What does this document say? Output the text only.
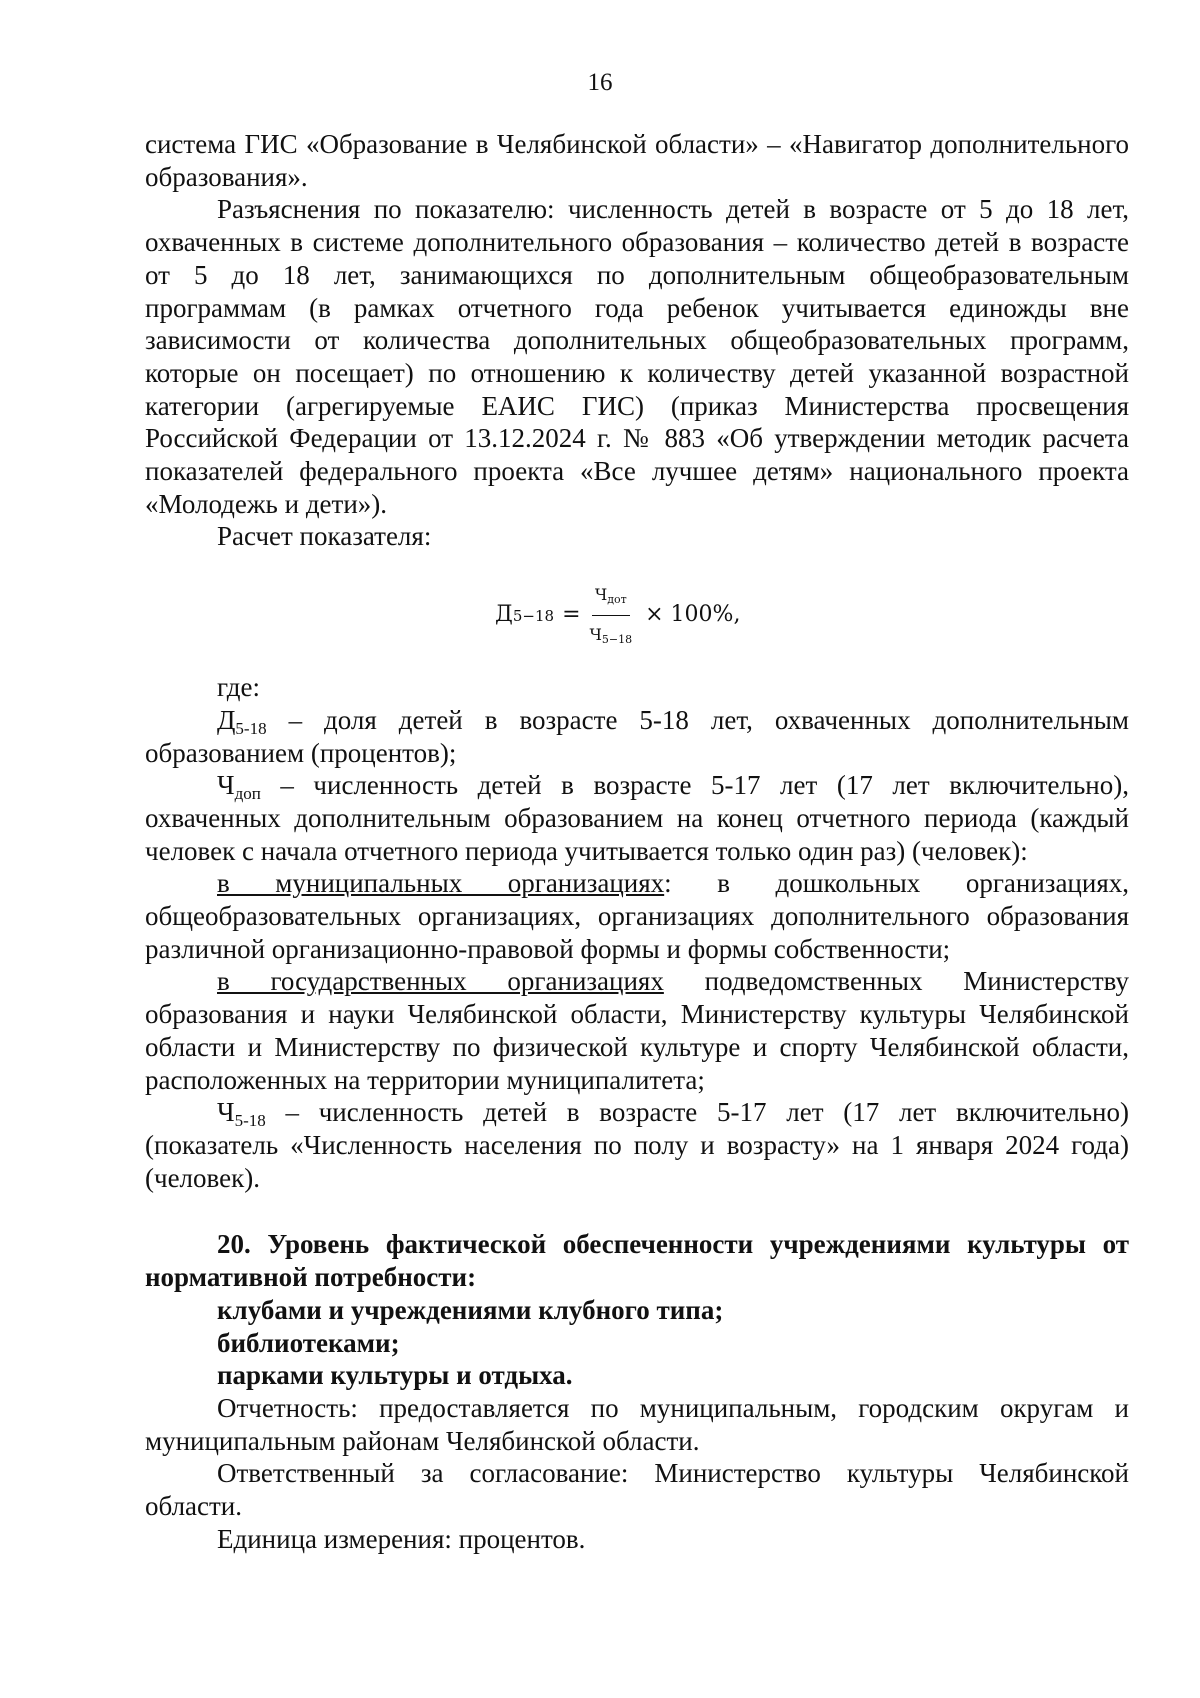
16

система ГИС «Образование в Челябинской области» – «Навигатор дополнительного образования».

Разъяснения по показателю: численность детей в возрасте от 5 до 18 лет, охваченных в системе дополнительного образования – количество детей в возрасте от 5 до 18 лет, занимающихся по дополнительным общеобразовательным программам (в рамках отчетного года ребенок учитывается единожды вне зависимости от количества дополнительных общеобразовательных программ, которые он посещает) по отношению к количеству детей указанной возрастной категории (агрегируемые ЕАИС ГИС) (приказ Министерства просвещения Российской Федерации от 13.12.2024 г. № 883 «Об утверждении методик расчета показателей федерального проекта «Все лучшее детям» национального проекта «Молодежь и дети»).

Расчет показателя:

Д $5-18 = \frac{Ч_{дот}}{Ч_{5-18}} \times 100\%$,

где:

$Д_{5-18}$ – доля детей в возрасте 5-18 лет, охваченных дополнительным образованием (процентов);

$Ч_{доп}$ – численность детей в возрасте 5-17 лет (17 лет включительно), охваченных дополнительным образованием на конец отчетного периода (каждый человек с начала отчетного периода учитывается только один раз) (человек):

в муниципальных организациях: в дошкольных организациях, общеобразовательных организациях, организациях дополнительного образования различной организационно-правовой формы и формы собственности;

в государственных организациях подведомственных Министерству образования и науки Челябинской области, Министерству культуры Челябинской области и Министерству по физической культуре и спорту Челябинской области, расположенных на территории муниципалитета;

$Ч_{5-18}$ – численность детей в возрасте 5-17 лет (17 лет включительно) (показатель «Численность населения по полу и возрасту» на 1 января 2024 года) (человек).

20. Уровень фактической обеспеченности учреждениями культуры от нормативной потребности:

клубами и учреждениями клубного типа;

библиотеками;

парками культуры и отдыха.

Отчетность: предоставляется по муниципальным, городским округам и муниципальным районам Челябинской области.

Ответственный за согласование: Министерство культуры Челябинской области.

Единица измерения: процентов.
